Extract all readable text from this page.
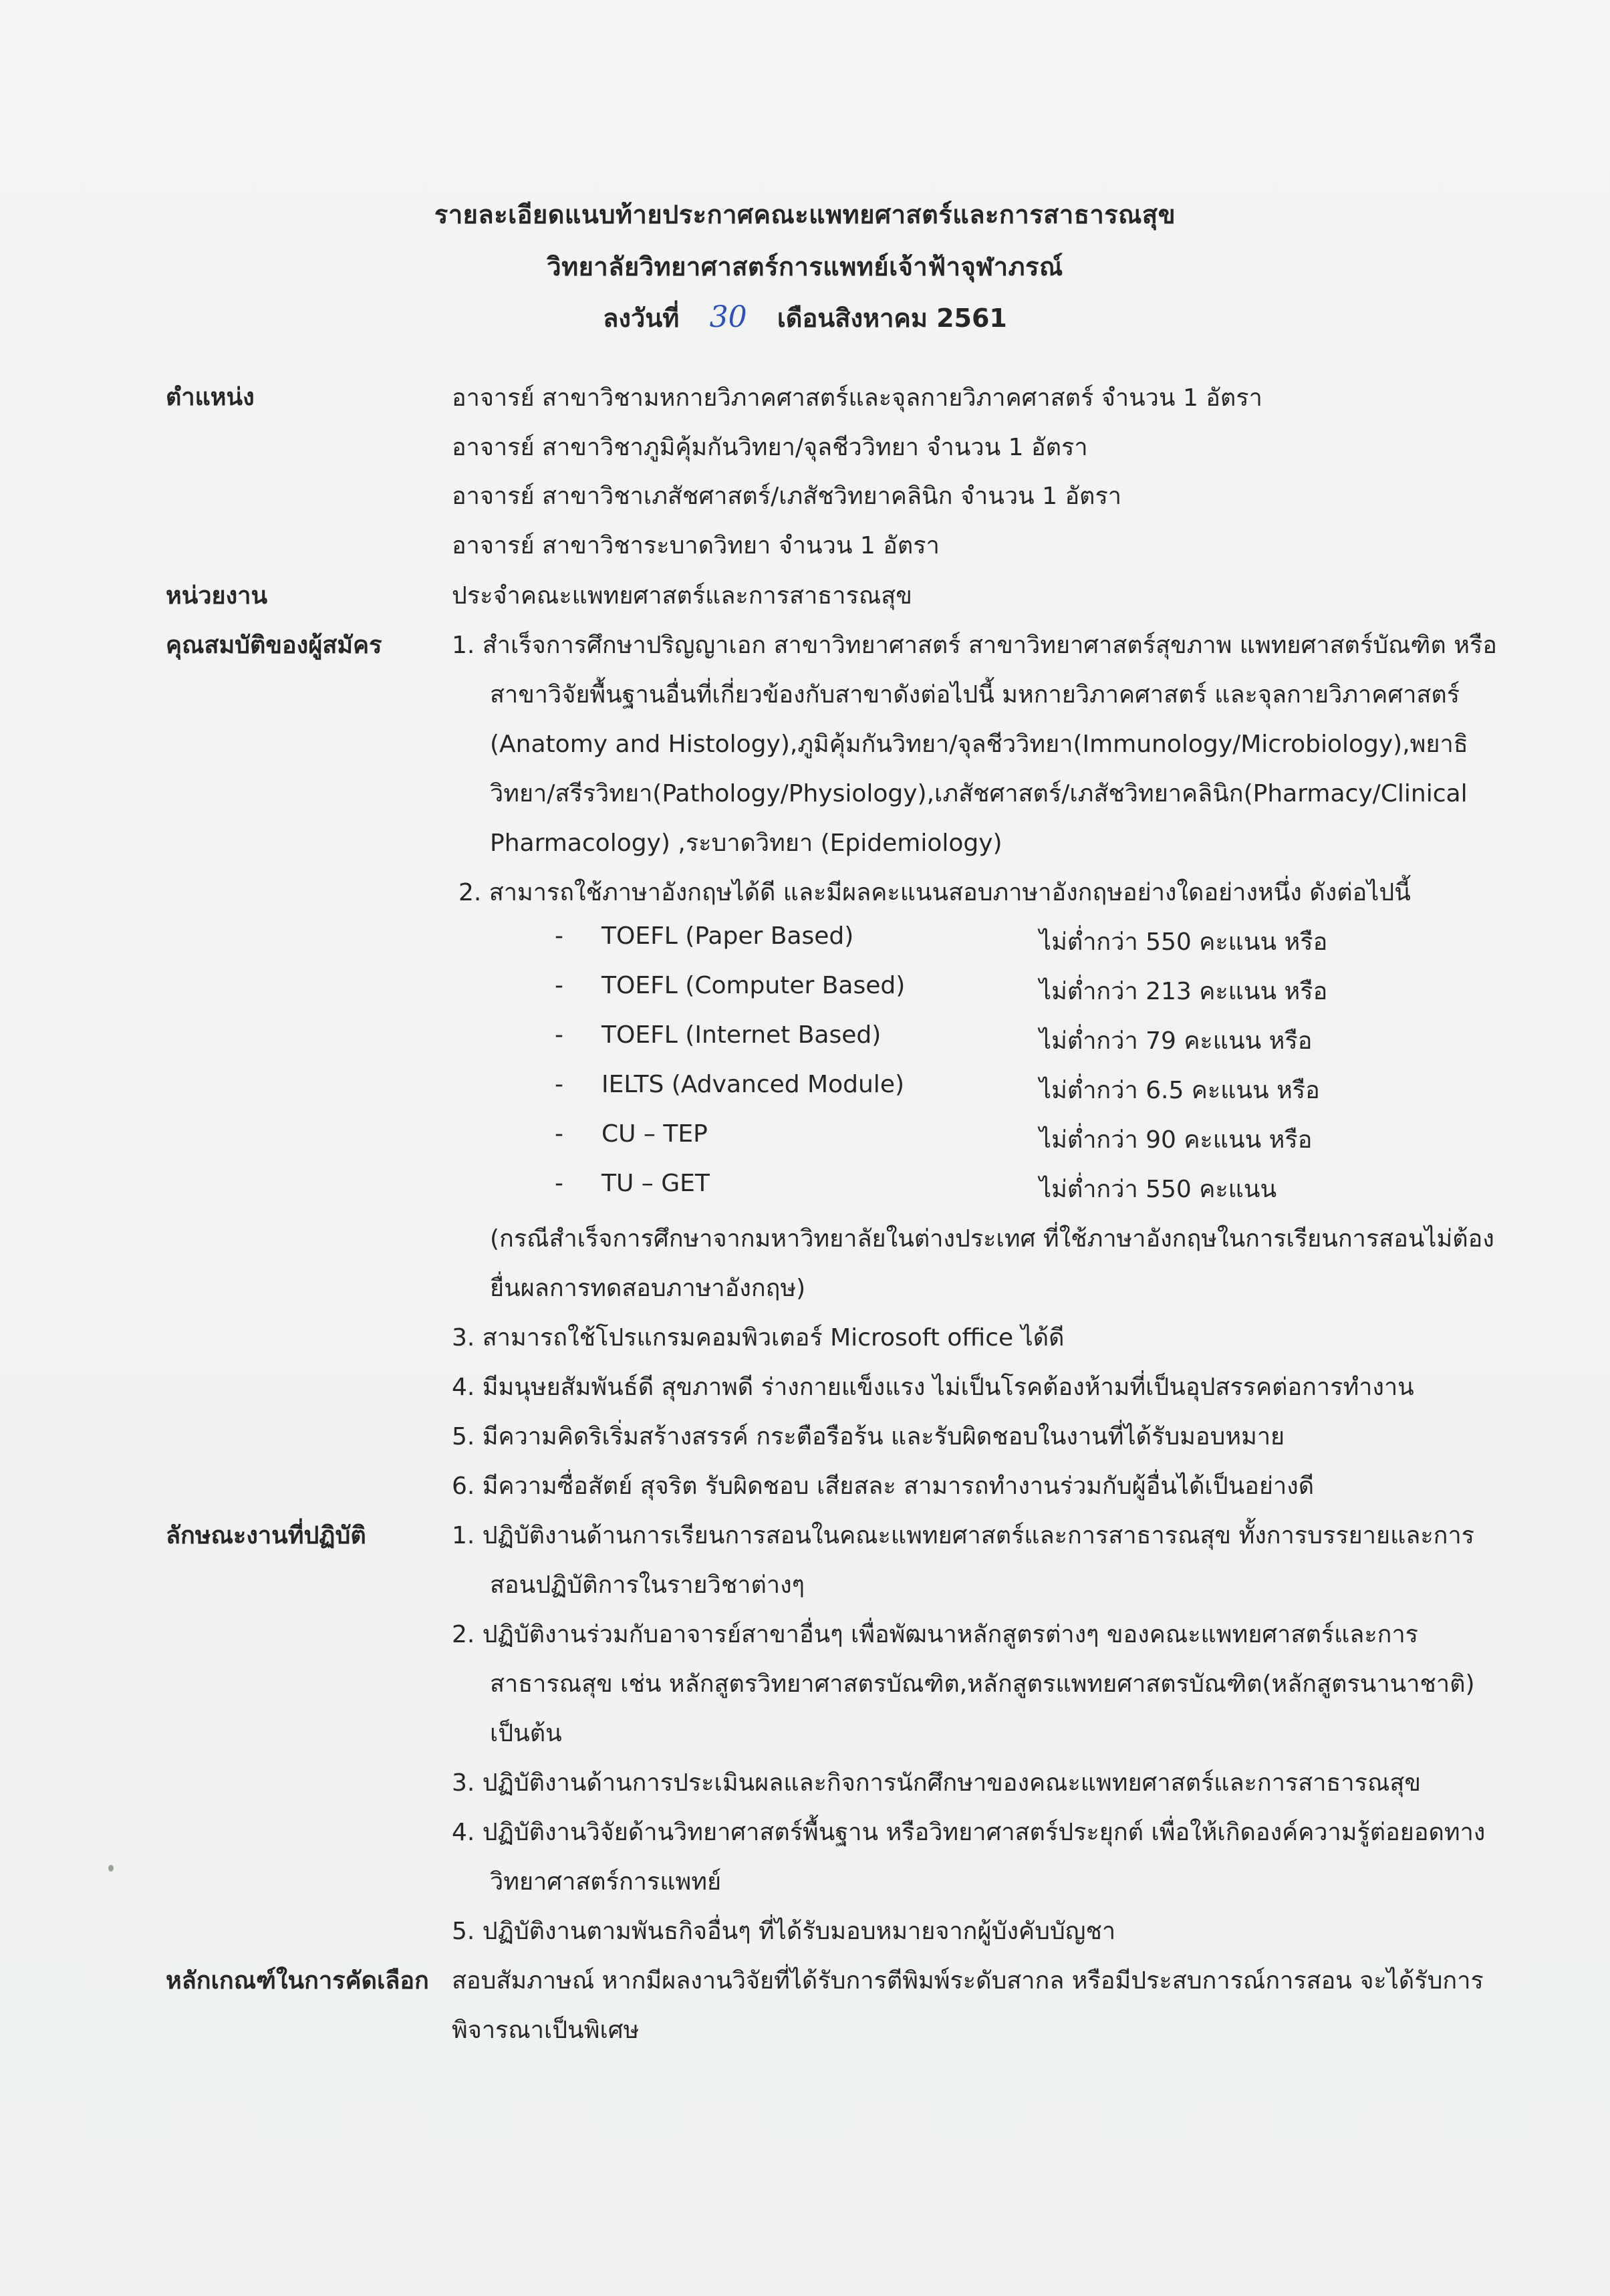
รายละเอียดแนบท้ายประกาศคณะแพทยศาสตร์และการสาธารณสุข
วิทยาลัยวิทยาศาสตร์การแพทย์เจ้าฟ้าจุฬาภรณ์
ลงวันที่ 30 เดือนสิงหาคม 2561
ตำแหน่ง	อาจารย์ สาขาวิชามหกายวิภาคศาสตร์และจุลกายวิภาคศาสตร์ จำนวน 1 อัตรา
อาจารย์ สาขาวิชาภูมิคุ้มกันวิทยา/จุลชีววิทยา จำนวน 1 อัตรา
อาจารย์ สาขาวิชาเภสัชศาสตร์/เภสัชวิทยาคลินิก จำนวน 1 อัตรา
อาจารย์ สาขาวิชาระบาดวิทยา จำนวน 1 อัตรา
หน่วยงาน	ประจำคณะแพทยศาสตร์และการสาธารณสุข
คุณสมบัติของผู้สมัคร	1. สำเร็จการศึกษาปริญญาเอก สาขาวิทยาศาสตร์ สาขาวิทยาศาสตร์สุขภาพ แพทยศาสตร์บัณฑิต หรือ
สาขาวิจัยพื้นฐานอื่นที่เกี่ยวข้องกับสาขาดังต่อไปนี้ มหกายวิภาคศาสตร์ และจุลกายวิภาคศาสตร์
(Anatomy and Histology),ภูมิคุ้มกันวิทยา/จุลชีววิทยา(Immunology/Microbiology),พยาธิ
วิทยา/สรีรวิทยา(Pathology/Physiology),เภสัชศาสตร์/เภสัชวิทยาคลินิก(Pharmacy/Clinical
Pharmacology) ,ระบาดวิทยา (Epidemiology)
2. สามารถใช้ภาษาอังกฤษได้ดี และมีผลคะแนนสอบภาษาอังกฤษอย่างใดอย่างหนึ่ง ดังต่อไปนี้
- TOEFL (Paper Based)	ไม่ต่ำกว่า 550 คะแนน หรือ
- TOEFL (Computer Based)	ไม่ต่ำกว่า 213 คะแนน หรือ
- TOEFL (Internet Based)	ไม่ต่ำกว่า 79 คะแนน หรือ
- IELTS (Advanced Module)	ไม่ต่ำกว่า 6.5 คะแนน หรือ
- CU – TEP	ไม่ต่ำกว่า 90 คะแนน หรือ
- TU – GET	ไม่ต่ำกว่า 550 คะแนน
(กรณีสำเร็จการศึกษาจากมหาวิทยาลัยในต่างประเทศ ที่ใช้ภาษาอังกฤษในการเรียนการสอนไม่ต้อง
ยื่นผลการทดสอบภาษาอังกฤษ)
3. สามารถใช้โปรแกรมคอมพิวเตอร์ Microsoft office ได้ดี
4. มีมนุษยสัมพันธ์ดี สุขภาพดี ร่างกายแข็งแรง ไม่เป็นโรคต้องห้ามที่เป็นอุปสรรคต่อการทำงาน
5. มีความคิดริเริ่มสร้างสรรค์ กระตือรือร้น และรับผิดชอบในงานที่ได้รับมอบหมาย
6. มีความซื่อสัตย์ สุจริต รับผิดชอบ เสียสละ สามารถทำงานร่วมกับผู้อื่นได้เป็นอย่างดี
ลักษณะงานที่ปฏิบัติ	1. ปฏิบัติงานด้านการเรียนการสอนในคณะแพทยศาสตร์และการสาธารณสุข ทั้งการบรรยายและการ
สอนปฏิบัติการในรายวิชาต่างๆ
2. ปฏิบัติงานร่วมกับอาจารย์สาขาอื่นๆ เพื่อพัฒนาหลักสูตรต่างๆ ของคณะแพทยศาสตร์และการ
สาธารณสุข เช่น หลักสูตรวิทยาศาสตรบัณฑิต,หลักสูตรแพทยศาสตรบัณฑิต(หลักสูตรนานาชาติ)
เป็นต้น
3. ปฏิบัติงานด้านการประเมินผลและกิจการนักศึกษาของคณะแพทยศาสตร์และการสาธารณสุข
4. ปฏิบัติงานวิจัยด้านวิทยาศาสตร์พื้นฐาน หรือวิทยาศาสตร์ประยุกต์ เพื่อให้เกิดองค์ความรู้ต่อยอดทาง
วิทยาศาสตร์การแพทย์
5. ปฏิบัติงานตามพันธกิจอื่นๆ ที่ได้รับมอบหมายจากผู้บังคับบัญชา
หลักเกณฑ์ในการคัดเลือก สอบสัมภาษณ์ หากมีผลงานวิจัยที่ได้รับการตีพิมพ์ระดับสากล หรือมีประสบการณ์การสอน จะได้รับการ
พิจารณาเป็นพิเศษ
